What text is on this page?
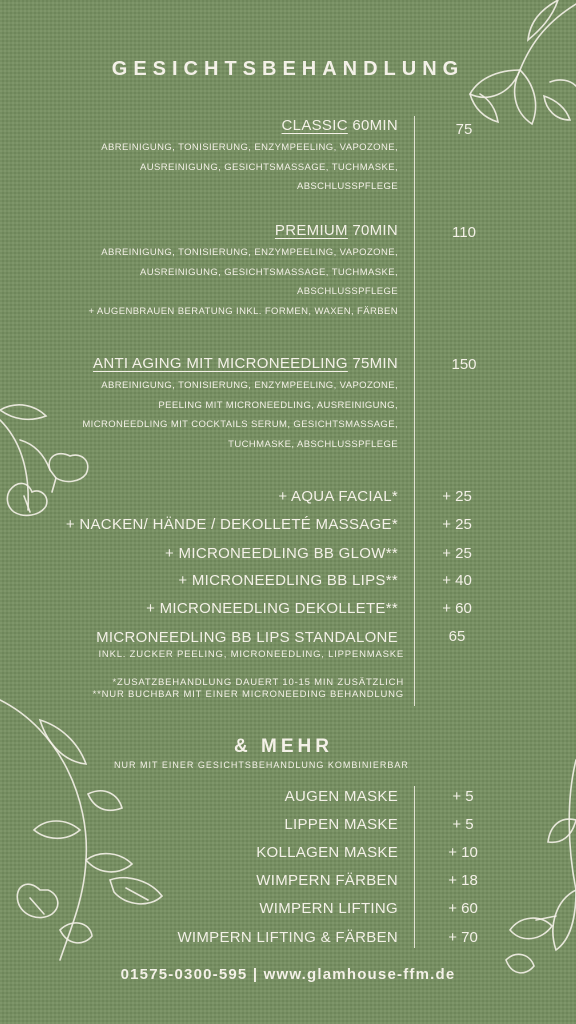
GESICHTSBEHANDLUNG
CLASSIC 60MIN	75
ABREINIGUNG, TONISIERUNG, ENZYMPEELING, VAPOZONE,
AUSREINIGUNG, GESICHTSMASSAGE, TUCHMASKE,
ABSCHLUSSPFLEGE
PREMIUM 70MIN	110
ABREINIGUNG, TONISIERUNG, ENZYMPEELING, VAPOZONE,
AUSREINIGUNG, GESICHTSMASSAGE, TUCHMASKE,
ABSCHLUSSPFLEGE
+ AUGENBRAUEN BERATUNG INKL. FORMEN, WAXEN, FÄRBEN
ANTI AGING MIT MICRONEEDLING 75MIN	150
ABREINIGUNG, TONISIERUNG, ENZYMPEELING, VAPOZONE,
PEELING MIT MICRONEEDLING, AUSREINIGUNG,
MICRONEEDLING MIT COCKTAILS SERUM, GESICHTSMASSAGE,
TUCHMASKE, ABSCHLUSSPFLEGE
+ AQUA FACIAL*	+ 25
+ NACKEN/ HÄNDE / DEKOLLETÉ MASSAGE*	+ 25
+ MICRONEEDLING BB GLOW**	+ 25
+ MICRONEEDLING BB LIPS**	+ 40
+ MICRONEEDLING DEKOLLETE**	+ 60
MICRONEEDLING BB LIPS STANDALONE	65
INKL. ZUCKER PEELING, MICRONEEDLING, LIPPENMASKE
*ZUSATZBEHANDLUNG DAUERT 10-15 MIN ZUSÄTZLICH
**NUR BUCHBAR MIT EINER MICRONEEDING BEHANDLUNG
& MEHR
NUR MIT EINER GESICHTSBEHANDLUNG KOMBINIERBAR
AUGEN MASKE	+ 5
LIPPEN MASKE	+ 5
KOLLAGEN MASKE	+ 10
WIMPERN FÄRBEN	+ 18
WIMPERN LIFTING	+ 60
WIMPERN LIFTING & FÄRBEN	+ 70
01575-0300-595 | www.glamhouse-ffm.de
